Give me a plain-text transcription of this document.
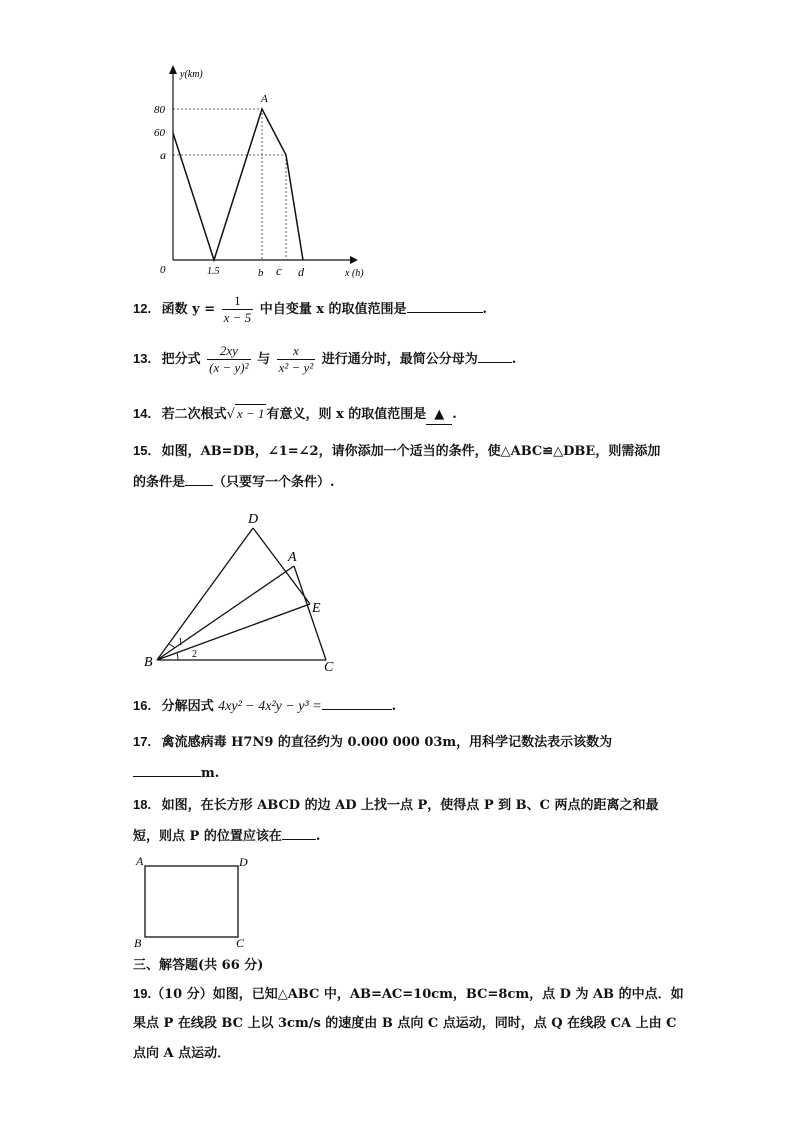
y(km)
x (h)
80
60
a
0	1.5	b c d
A
12. 函数 $y = \frac{1}{x - 5}$ 中自变量 x 的取值范围是	.
13. 把分式 $\frac{2xy}{\text{(x − y)²}}$ 与 $\frac{x}{\text{x² − y²}}$ 进行通分时，最简公分母为	.
14. 若二次根式√ x − 1 有意义，则 x 的取值范围是 ▲ .
15. 如图，AB=DB，∠1=∠2，请你添加一个适当的条件，使△ABC≌△DBE，则需添加
的条件是 （只要写一个条件）.
D
A
E
B	C
1
2
16. 分解因式 4xy² − 4x²y − y³ =	.
17. 禽流感病毒 H7N9 的直径约为 0.000 000 03m，用科学记数法表示该数为
m.
18. 如图，在长方形 ABCD 的边 AD 上找一点 P，使得点 P 到 B、C 两点的距离之和最
短，则点 P 的位置应该在	.
A	D
B	C
三、解答题(共 66 分)
19.（10 分）如图，已知△ABC 中，AB=AC=10cm，BC=8cm，点 D 为 AB 的中点．如
果点 P 在线段 BC 上以 3cm/s 的速度由 B 点向 C 点运动，同时，点 Q 在线段 CA 上由 C
点向 A 点运动．
